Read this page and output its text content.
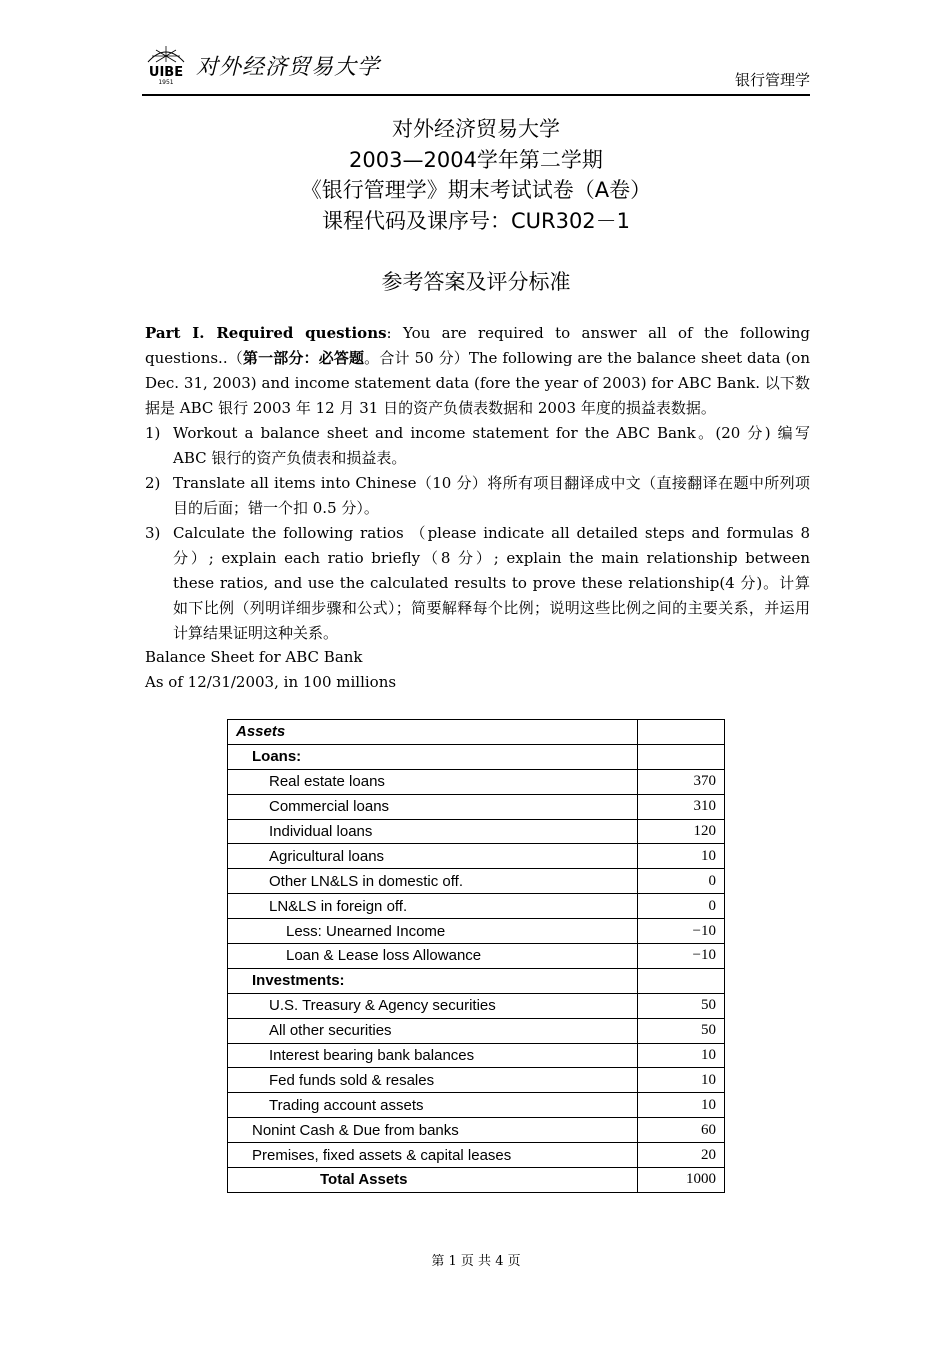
UIBE
1951
对外经济贸易大学	银行管理学
对外经济贸易大学
2003—2004学年第二学期
《银行管理学》期末考试试卷（A卷）
课程代码及课序号：CUR302－1
参考答案及评分标准
Part I. Required questions: You are required to answer all of the following questions..（第一部分：必答题。合计 50 分）The following are the balance sheet data (on Dec. 31, 2003) and income statement data (fore the year of 2003) for ABC Bank. 以下数据是 ABC 银行 2003 年 12 月 31 日的资产负债表数据和 2003 年度的损益表数据。
1) Workout a balance sheet and income statement for the ABC Bank。(20 分) 编写 ABC 银行的资产负债表和损益表。
2) Translate all items into Chinese（10 分）将所有项目翻译成中文（直接翻译在题中所列项目的后面；错一个扣 0.5 分）。
3) Calculate the following ratios （please indicate all detailed steps and formulas 8 分）; explain each ratio briefly（8 分）; explain the main relationship between these ratios, and use the calculated results to prove these relationship(4 分)。计算如下比例（列明详细步骤和公式）；简要解释每个比例；说明这些比例之间的主要关系，并运用计算结果证明这种关系。
Balance Sheet for ABC Bank
As of 12/31/2003, in 100 millions
Assets	
Loans:	
Real estate loans	370
Commercial loans	310
Individual loans	120
Agricultural loans	10
Other LN&LS in domestic off.	0
LN&LS in foreign off.	0
Less: Unearned Income	−10
Loan & Lease loss Allowance	−10
Investments:	
U.S. Treasury & Agency securities	50
All other securities	50
Interest bearing bank balances	10
Fed funds sold & resales	10
Trading account assets	10
Nonint Cash & Due from banks	60
Premises, fixed assets & capital leases	20
Total Assets	1000
第 1 页 共 4 页
